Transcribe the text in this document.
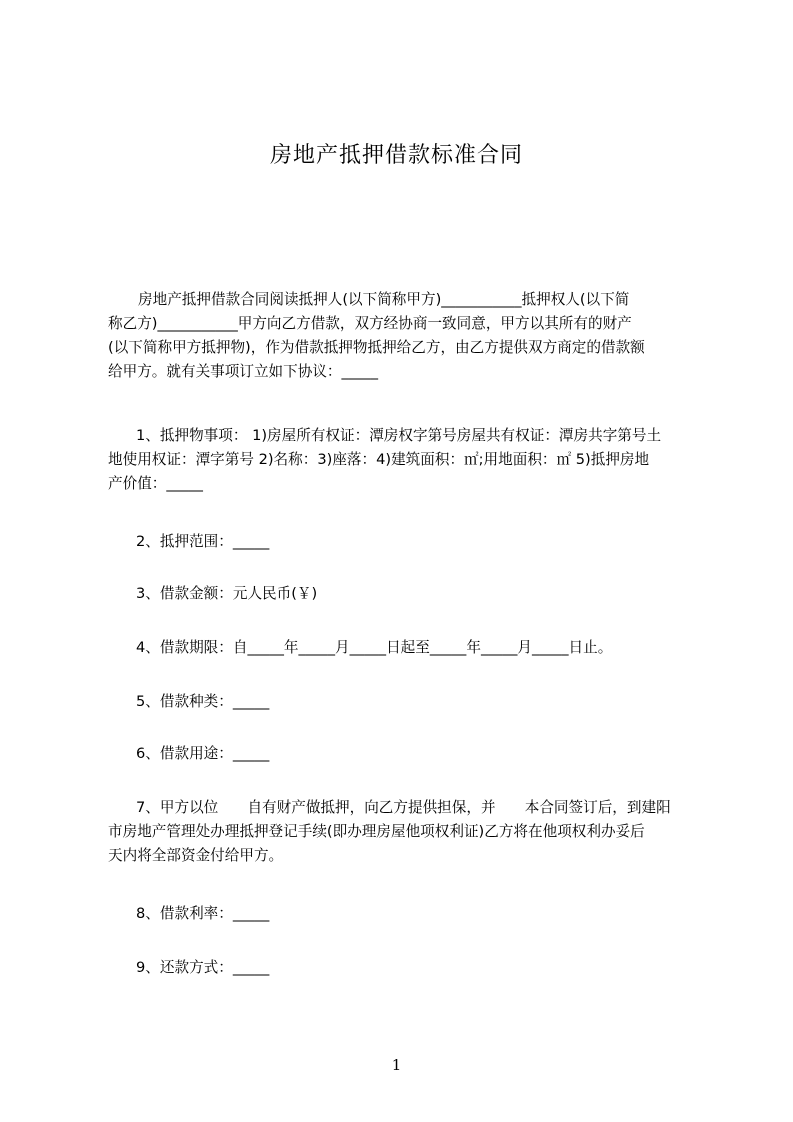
房地产抵押借款标准合同
房地产抵押借款合同阅读抵押人(以下简称甲方)___________抵押权人(以下简
称乙方)___________甲方向乙方借款，双方经协商一致同意，甲方以其所有的财产
(以下简称甲方抵押物)，作为借款抵押物抵押给乙方，由乙方提供双方商定的借款额
给甲方。就有关事项订立如下协议：_____
1、抵押物事项： 1)房屋所有权证：潭房权字第号房屋共有权证：潭房共字第号土
地使用权证：潭字第号 2)名称：3)座落：4)建筑面积：㎡;用地面积：㎡ 5)抵押房地
产价值：_____
2、抵押范围：_____
3、借款金额：元人民币(￥)
4、借款期限：自_____年_____月_____日起至_____年_____月_____日止。
5、借款种类：_____
6、借款用途：_____
7、甲方以位　　自有财产做抵押，向乙方提供担保，并　　本合同签订后，到建阳
市房地产管理处办理抵押登记手续(即办理房屋他项权利证)乙方将在他项权利办妥后
天内将全部资金付给甲方。
8、借款利率：_____
9、还款方式：_____
1
